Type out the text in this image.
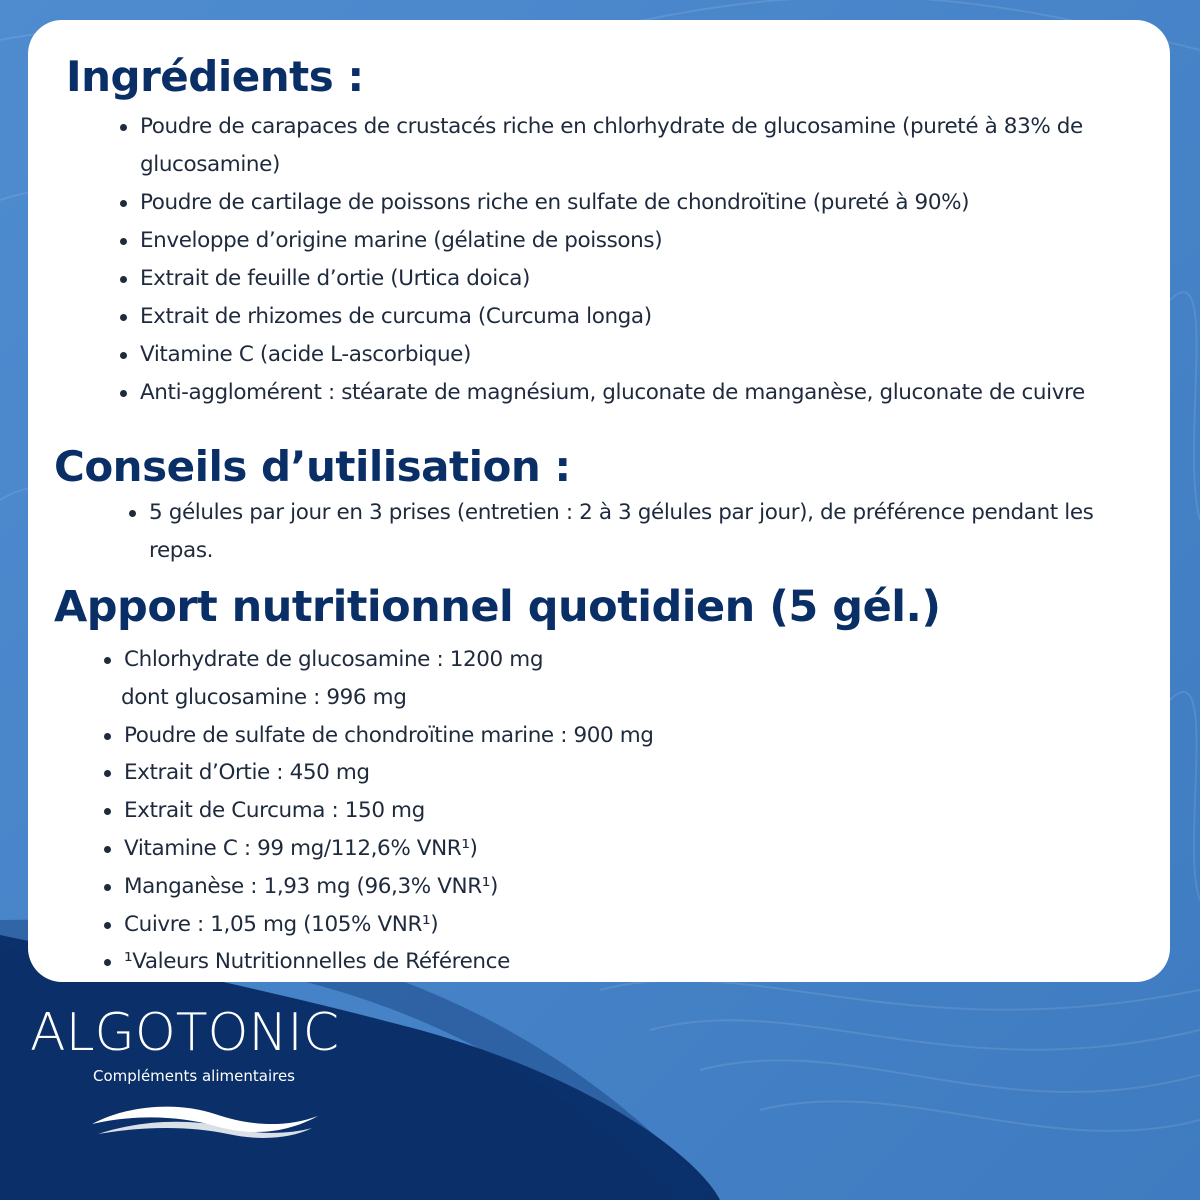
Ingrédients :
Poudre de carapaces de crustacés riche en chlorhydrate de glucosamine (pureté à 83% de glucosamine)
Poudre de cartilage de poissons riche en sulfate de chondroïtine (pureté à 90%)
Enveloppe d’origine marine (gélatine de poissons)
Extrait de feuille d’ortie (Urtica doica)
Extrait de rhizomes de curcuma (Curcuma longa)
Vitamine C (acide L-ascorbique)
Anti-agglomérent : stéarate de magnésium, gluconate de manganèse, gluconate de cuivre
Conseils d’utilisation :
5 gélules par jour en 3 prises (entretien : 2 à 3 gélules par jour), de préférence pendant les repas.
Apport nutritionnel quotidien (5 gél.)
Chlorhydrate de glucosamine : 1200 mg
dont glucosamine : 996 mg
Poudre de sulfate de chondroïtine marine : 900 mg
Extrait d’Ortie : 450 mg
Extrait de Curcuma : 150 mg
Vitamine C : 99 mg/112,6% VNR¹)
Manganèse : 1,93 mg (96,3% VNR¹)
Cuivre : 1,05 mg (105% VNR¹)
¹Valeurs Nutritionnelles de Référence

ALGOTONIC

Compléments alimentaires
